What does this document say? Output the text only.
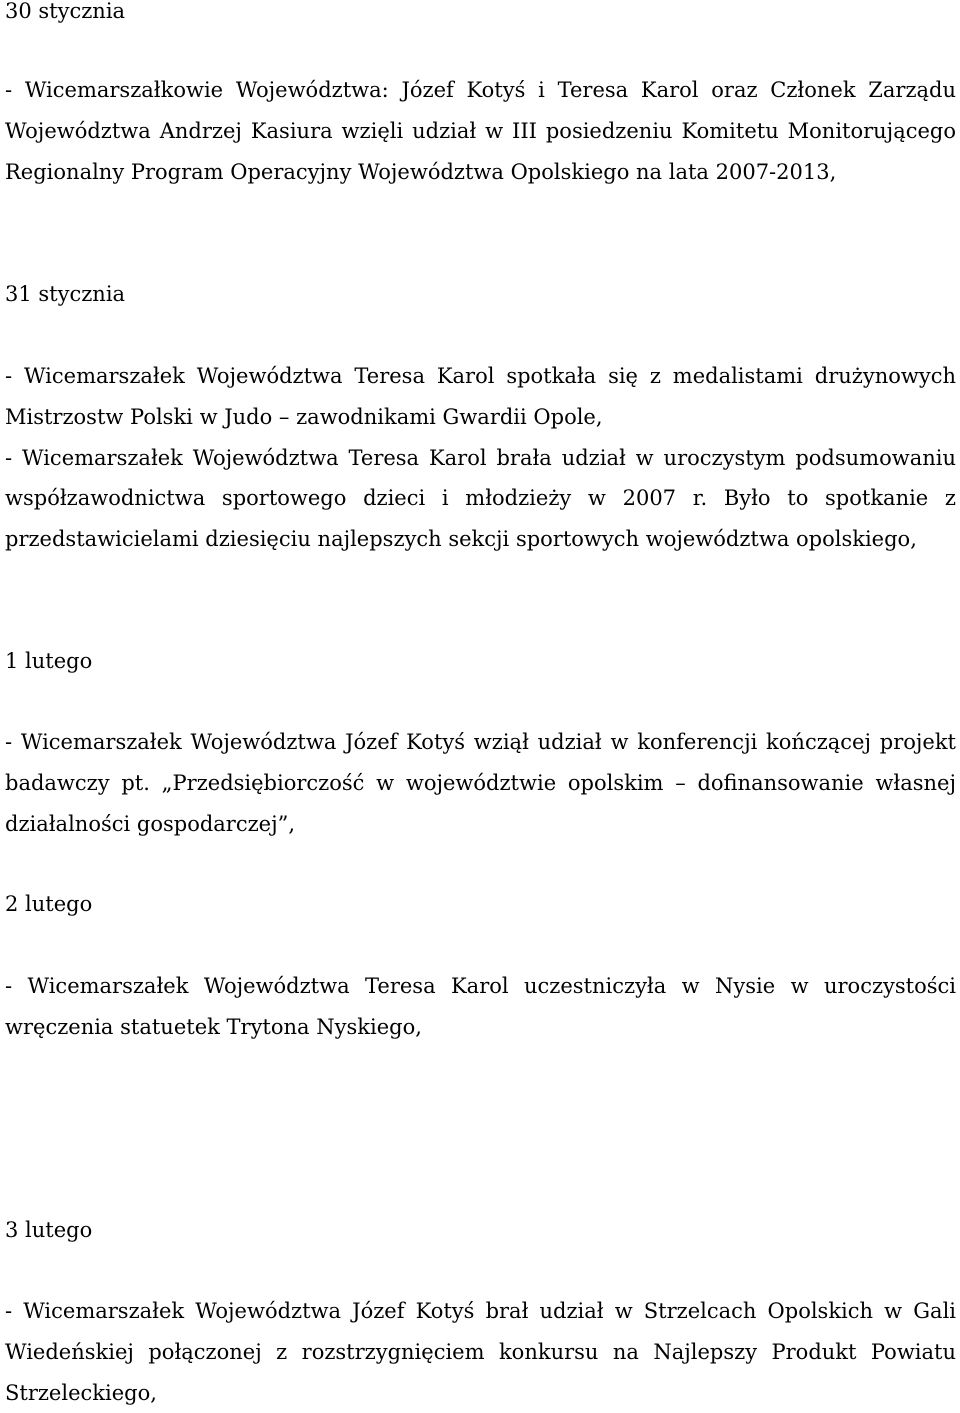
30 stycznia

- Wicemarszałkowie Województwa: Józef Kotyś i Teresa Karol oraz Członek Zarządu Województwa Andrzej Kasiura wzięli udział w III posiedzeniu Komitetu Monitorującego Regionalny Program Operacyjny Województwa Opolskiego na lata 2007-2013,

31 stycznia

- Wicemarszałek Województwa Teresa Karol spotkała się z medalistami drużynowych Mistrzostw Polski w Judo – zawodnikami Gwardii Opole,

- Wicemarszałek Województwa Teresa Karol brała udział w uroczystym podsumowaniu współzawodnictwa sportowego dzieci i młodzieży w 2007 r. Było to spotkanie z przedstawicielami dziesięciu najlepszych sekcji sportowych województwa opolskiego,

1 lutego

- Wicemarszałek Województwa Józef Kotyś wziął udział w konferencji kończącej projekt badawczy pt. „Przedsiębiorczość w województwie opolskim – dofinansowanie własnej działalności gospodarczej”,

2 lutego

- Wicemarszałek Województwa Teresa Karol uczestniczyła w Nysie w uroczystości wręczenia statuetek Trytona Nyskiego,

3 lutego

- Wicemarszałek Województwa Józef Kotyś brał udział w Strzelcach Opolskich w Gali Wiedeńskiej połączonej z rozstrzygnięciem konkursu na Najlepszy Produkt Powiatu Strzeleckiego,
